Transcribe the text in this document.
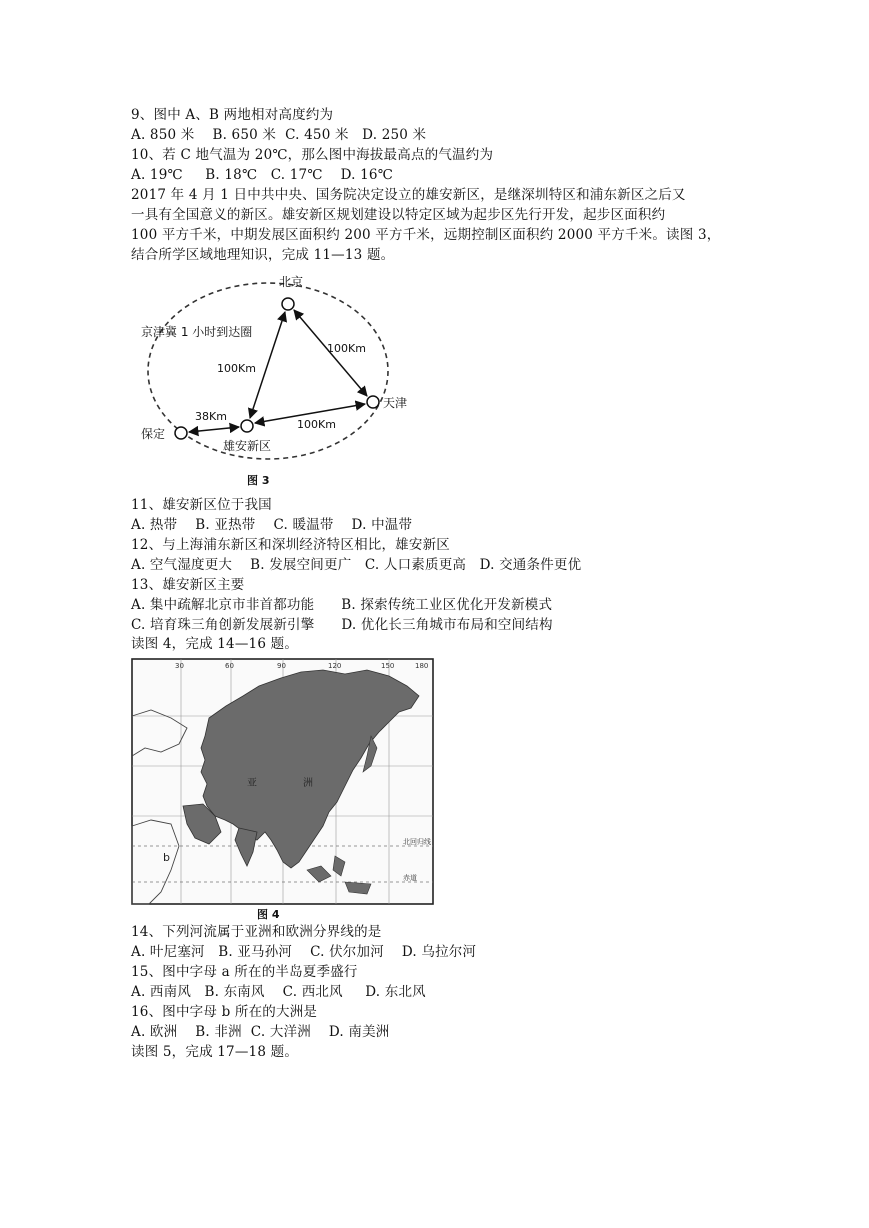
9、图中 A、B 两地相对高度约为
A. 850 米    B. 650 米  C. 450 米   D. 250 米
10、若 C 地气温为 20℃，那么图中海拔最高点的气温约为
A. 19℃     B. 18℃   C. 17℃    D. 16℃
2017 年 4 月 1 日中共中央、国务院决定设立的雄安新区，是继深圳特区和浦东新区之后又
一具有全国意义的新区。雄安新区规划建设以特定区域为起步区先行开发，起步区面积约
100 平方千米，中期发展区面积约 200 平方千米，远期控制区面积约 2000 平方千米。读图 3，
结合所学区域地理知识，完成 11—13 题。
北京
天津
雄安新区
保定
京津冀 1 小时到达圈
100Km
100Km
100Km
38Km
图 3
11、雄安新区位于我国
A. 热带    B. 亚热带    C. 暖温带    D. 中温带
12、与上海浦东新区和深圳经济特区相比，雄安新区
A. 空气湿度更大    B. 发展空间更广   C. 人口素质更高   D. 交通条件更优
13、雄安新区主要
A. 集中疏解北京市非首都功能      B. 探索传统工业区优化开发新模式
C. 培育珠三角创新发展新引擎      D. 优化长三角城市布局和空间结构
读图 4，完成 14—16 题。
30	60	90	120	150	180
亚	洲
北回归线
赤道
b
图 4
14、下列河流属于亚洲和欧洲分界线的是
A. 叶尼塞河   B. 亚马孙河    C. 伏尔加河    D. 乌拉尔河
15、图中字母 a 所在的半岛夏季盛行
A. 西南风   B. 东南风    C. 西北风     D. 东北风
16、图中字母 b 所在的大洲是
A. 欧洲    B. 非洲  C. 大洋洲    D. 南美洲
读图 5，完成 17—18 题。
